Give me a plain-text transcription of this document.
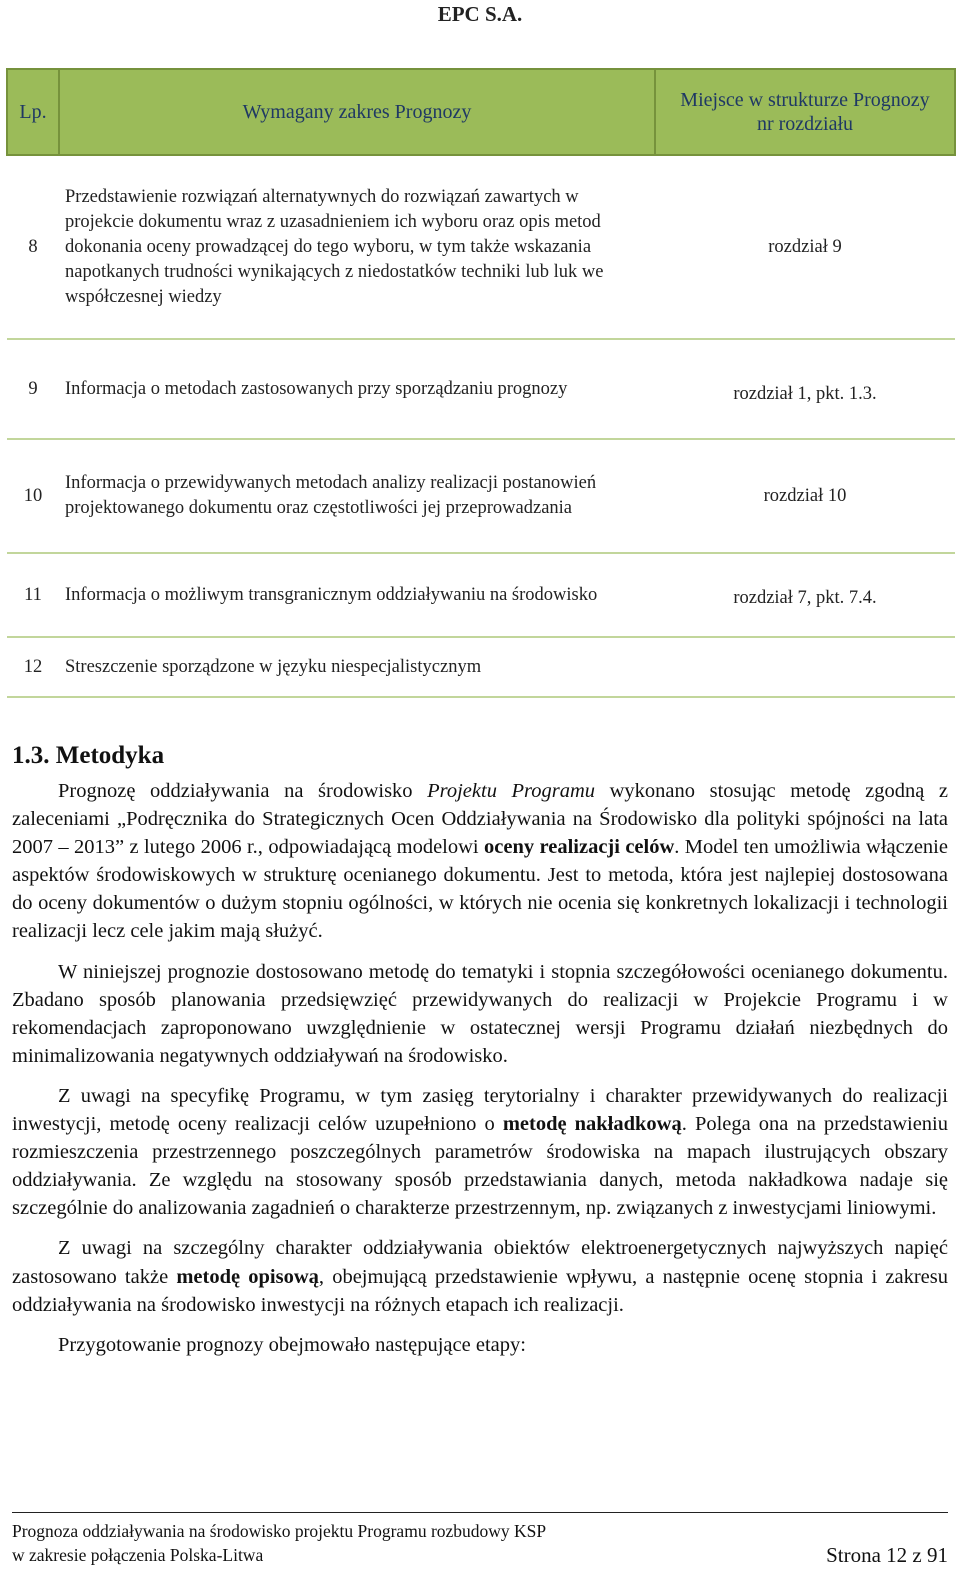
EPC S.A.
Lp.	Wymagany zakres Prognozy	Miejsce w strukturze Prognozy nr rozdziału
8	Przedstawienie rozwiązań alternatywnych do rozwiązań zawartych w projekcie dokumentu wraz z uzasadnieniem ich wyboru oraz opis metod dokonania oceny prowadzącej do tego wyboru, w tym także wskazania napotkanych trudności wynikających z niedostatków techniki lub luk we współczesnej wiedzy	rozdział 9
9	Informacja o metodach zastosowanych przy sporządzaniu prognozy	rozdział 1, pkt. 1.3.
10	Informacja o przewidywanych metodach analizy realizacji postanowień projektowanego dokumentu oraz częstotliwości jej przeprowadzania	rozdział 10
11	Informacja o możliwym transgranicznym oddziaływaniu na środowisko	rozdział 7, pkt. 7.4.
12	Streszczenie sporządzone w języku niespecjalistycznym	
1.3. Metodyka

Prognozę oddziaływania na środowisko Projektu Programu wykonano stosując metodę zgodną z zaleceniami „Podręcznika do Strategicznych Ocen Oddziaływania na Środowisko dla polityki spójności na lata 2007 – 2013” z lutego 2006 r., odpowiadającą modelowi oceny realizacji celów. Model ten umożliwia włączenie aspektów środowiskowych w strukturę ocenianego dokumentu. Jest to metoda, która jest najlepiej dostosowana do oceny dokumentów o dużym stopniu ogólności, w których nie ocenia się konkretnych lokalizacji i technologii realizacji lecz cele jakim mają służyć.

W niniejszej prognozie dostosowano metodę do tematyki i stopnia szczegółowości ocenianego dokumentu. Zbadano sposób planowania przedsięwzięć przewidywanych do realizacji w Projekcie Programu i w rekomendacjach zaproponowano uwzględnienie w ostatecznej wersji Programu działań niezbędnych do minimalizowania negatywnych oddziaływań na środowisko.

Z uwagi na specyfikę Programu, w tym zasięg terytorialny i charakter przewidywanych do realizacji inwestycji, metodę oceny realizacji celów uzupełniono o metodę nakładkową. Polega ona na przedstawieniu rozmieszczenia przestrzennego poszczególnych parametrów środowiska na mapach ilustrujących obszary oddziaływania. Ze względu na stosowany sposób przedstawiania danych, metoda nakładkowa nadaje się szczególnie do analizowania zagadnień o charakterze przestrzennym, np. związanych z inwestycjami liniowymi.

Z uwagi na szczególny charakter oddziaływania obiektów elektroenergetycznych najwyższych napięć zastosowano także metodę opisową, obejmującą przedstawienie wpływu, a następnie ocenę stopnia i zakresu oddziaływania na środowisko inwestycji na różnych etapach ich realizacji.

Przygotowanie prognozy obejmowało następujące etapy:

Prognoza oddziaływania na środowisko projektu Programu rozbudowy KSP
w zakresie połączenia Polska-Litwa	Strona 12 z 91
